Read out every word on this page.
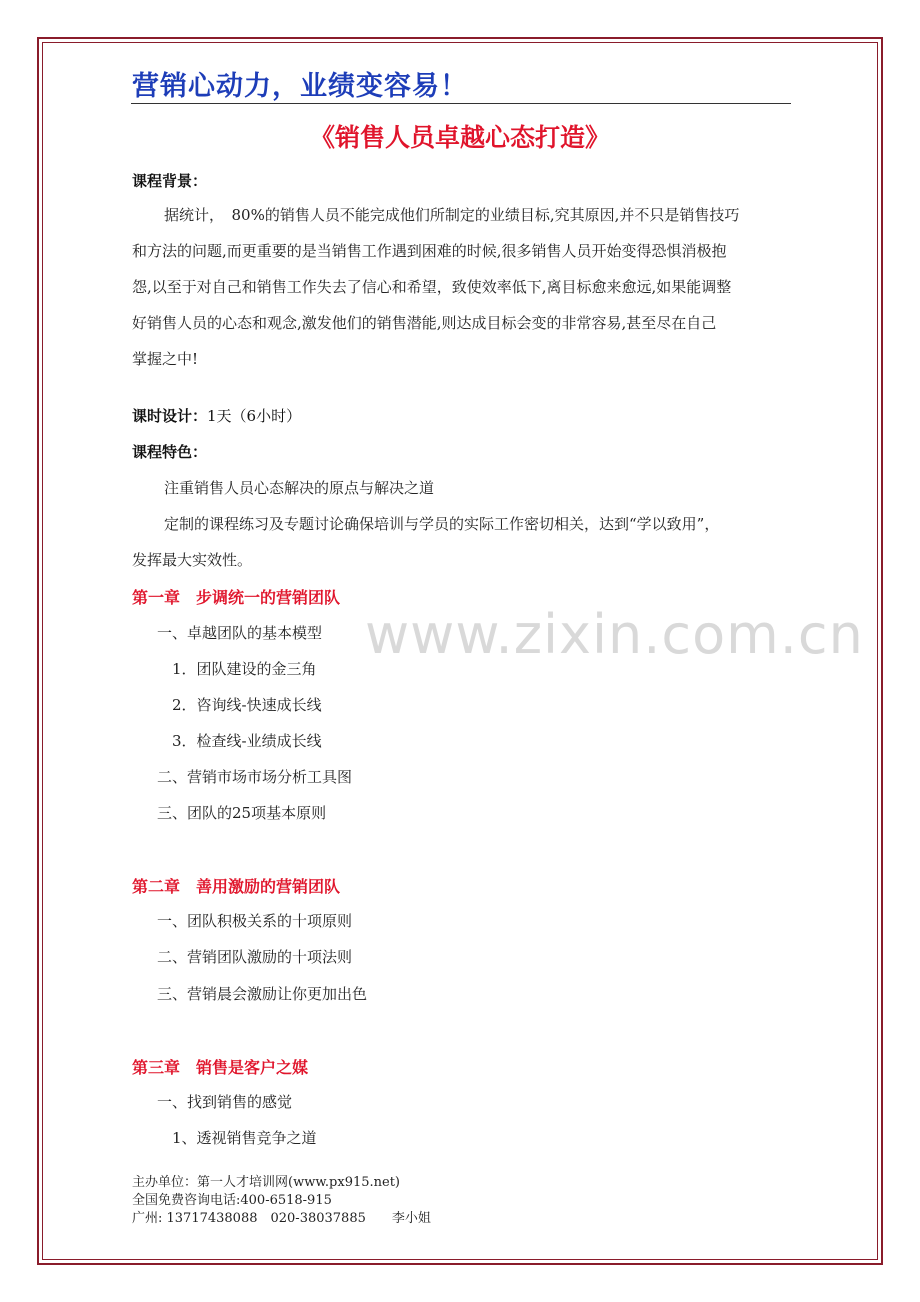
营销心动力，业绩变容易！
《销售人员卓越心态打造》
课程背景：
据统计，　80%的销售人员不能完成他们所制定的业绩目标,究其原因,并不只是销售技巧
和方法的问题,而更重要的是当销售工作遇到困难的时候,很多销售人员开始变得恐惧消极抱
怨,以至于对自己和销售工作失去了信心和希望，致使效率低下,离目标愈来愈远,如果能调整
好销售人员的心态和观念,激发他们的销售潜能,则达成目标会变的非常容易,甚至尽在自己
掌握之中!
课时设计：1天（6小时）
课程特色：
注重销售人员心态解决的原点与解决之道
定制的课程练习及专题讨论确保培训与学员的实际工作密切相关，达到“学以致用”，
发挥最大实效性。
www.zixin.com.cn
第一章　步调统一的营销团队
一、卓越团队的基本模型
1．团队建设的金三角
2．咨询线-快速成长线
3．检查线-业绩成长线
二、营销市场市场分析工具图
三、团队的25项基本原则
第二章　善用激励的营销团队
一、团队积极关系的十项原则
二、营销团队激励的十项法则
三、营销晨会激励让你更加出色
第三章　销售是客户之媒
一、找到销售的感觉
1、透视销售竞争之道
主办单位：第一人才培训网(www.px915.net)
全国免费咨询电话:400-6518-915
广州: 13717438088　020-38037885　　李小姐
